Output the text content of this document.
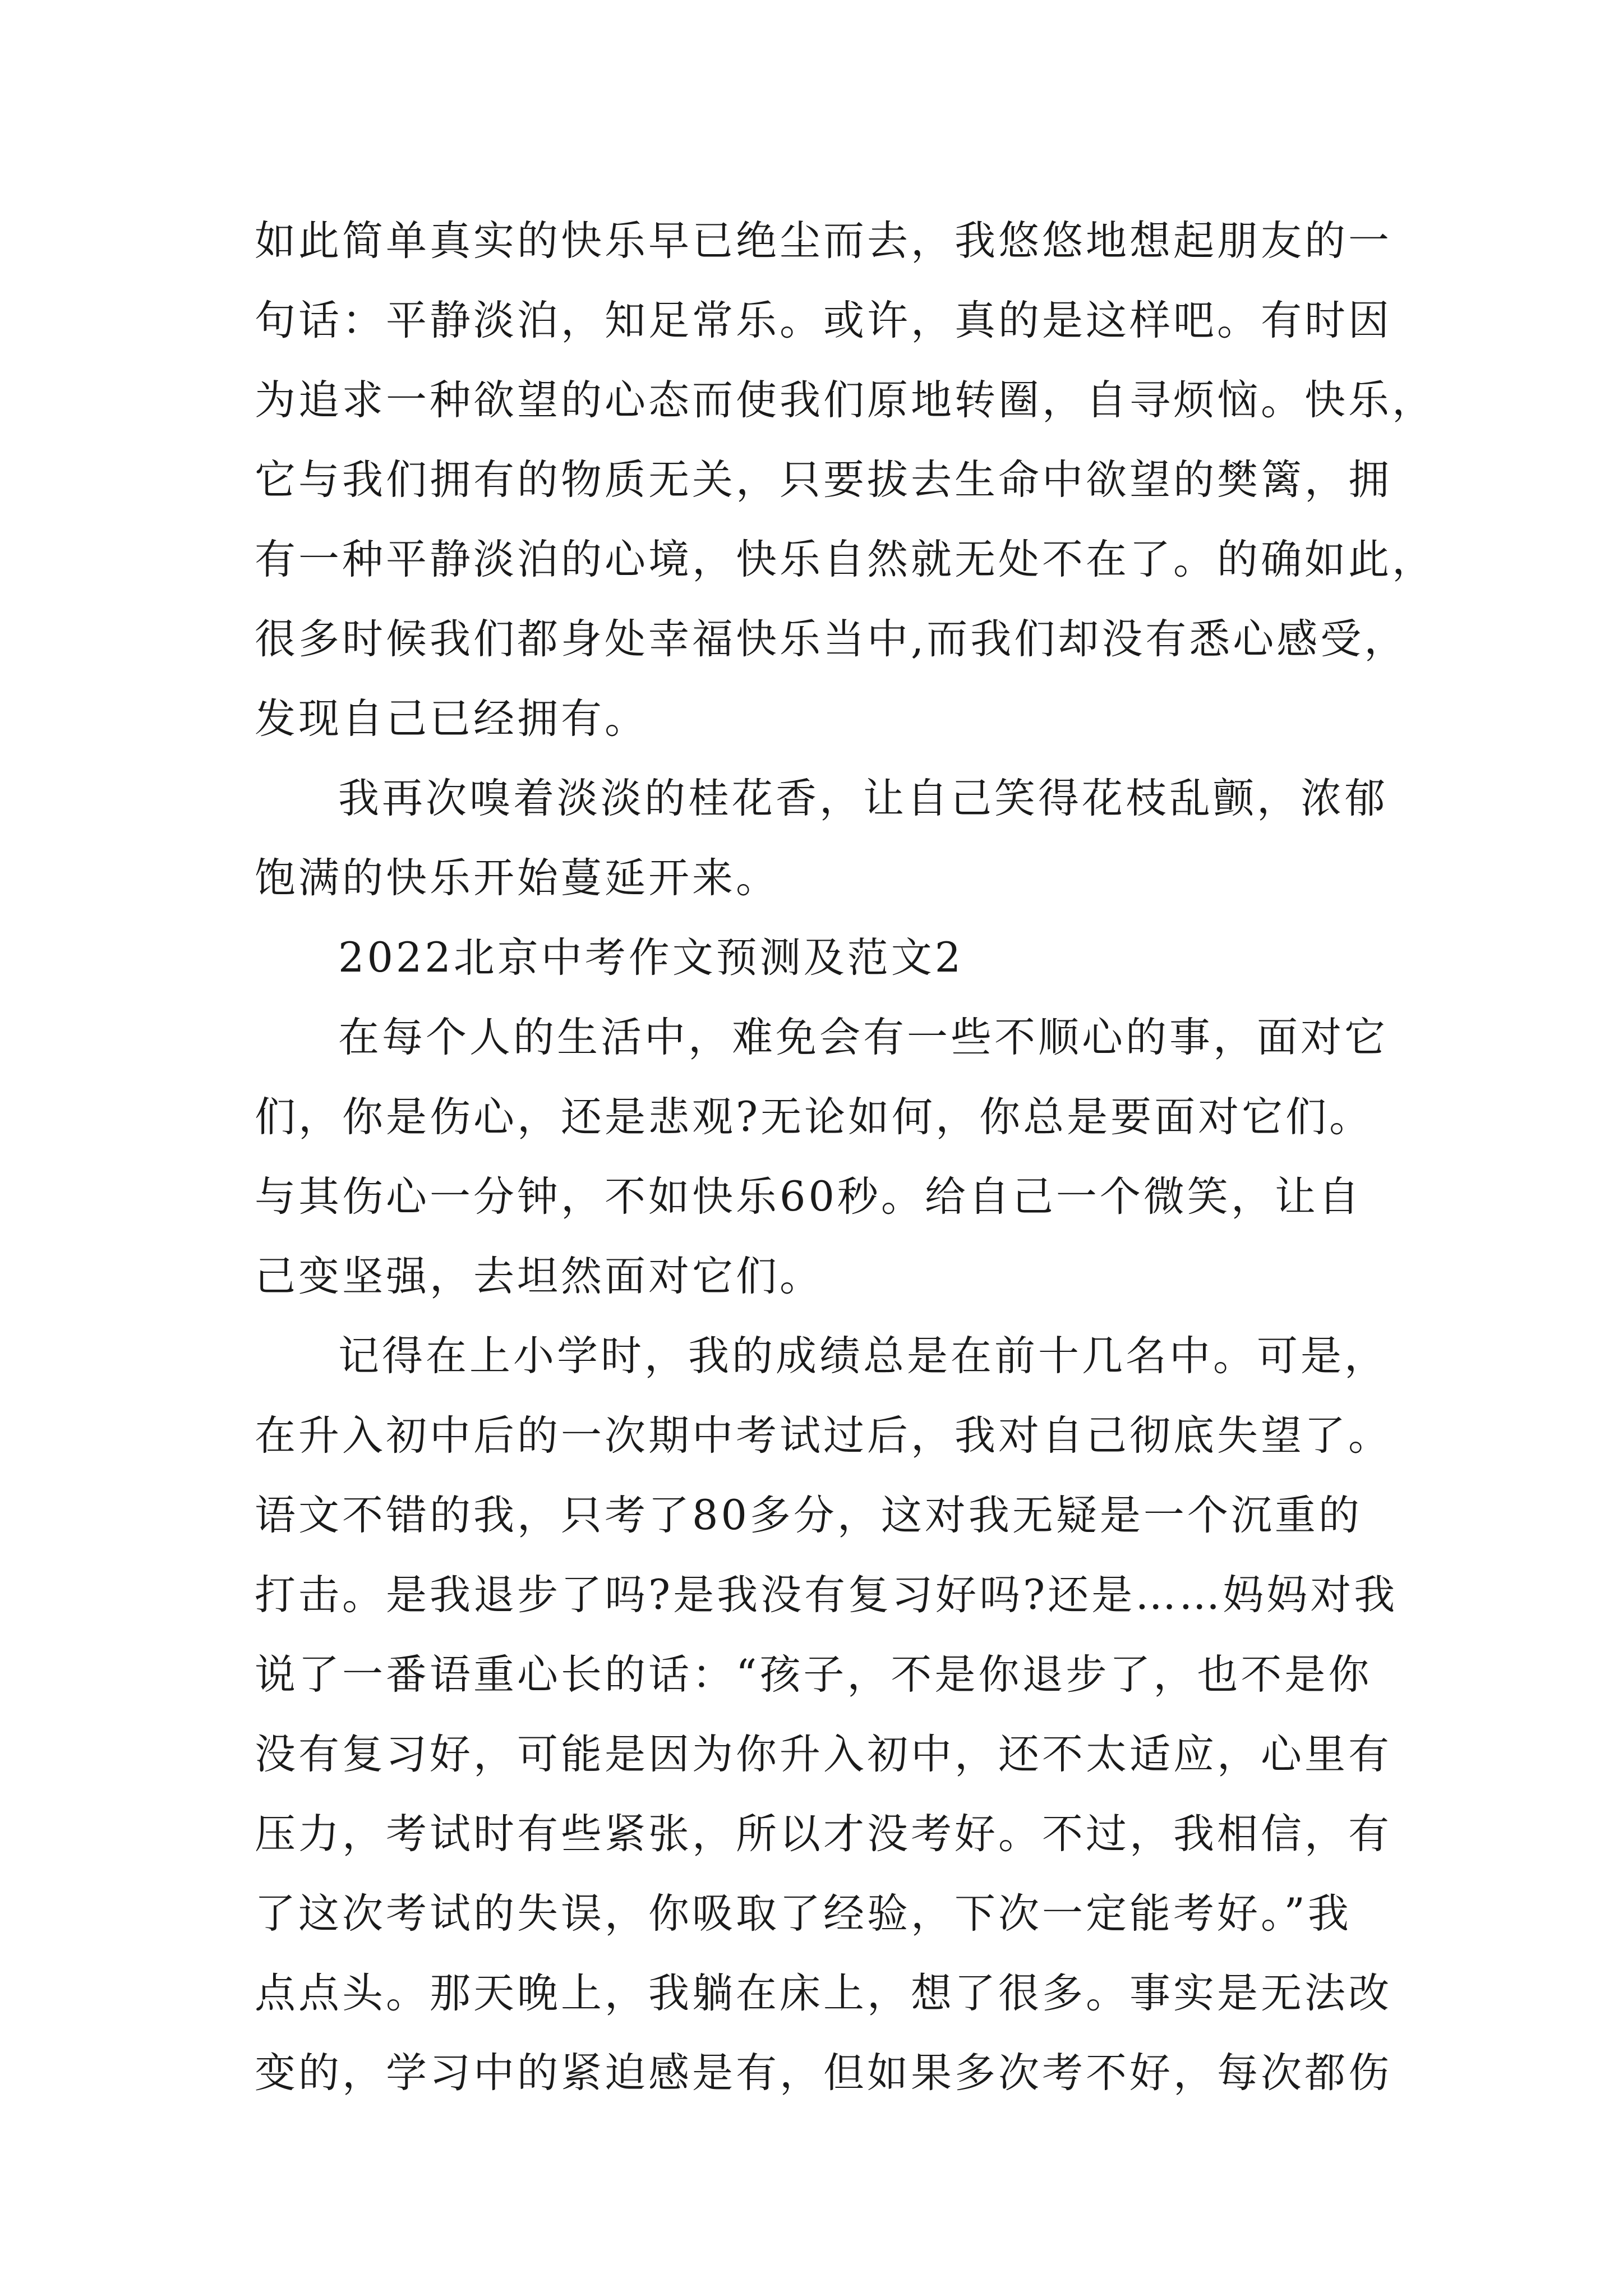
如此简单真实的快乐早已绝尘而去，我悠悠地想起朋友的一

句话：平静淡泊，知足常乐。或许，真的是这样吧。有时因

为追求一种欲望的心态而使我们原地转圈，自寻烦恼。快乐，

它与我们拥有的物质无关，只要拔去生命中欲望的樊篱，拥

有一种平静淡泊的心境，快乐自然就无处不在了。的确如此，

很多时候我们都身处幸福快乐当中,而我们却没有悉心感受，

发现自己已经拥有。

我再次嗅着淡淡的桂花香，让自己笑得花枝乱颤，浓郁

饱满的快乐开始蔓延开来。

2022北京中考作文预测及范文2

在每个人的生活中，难免会有一些不顺心的事，面对它

们，你是伤心，还是悲观?无论如何，你总是要面对它们。

与其伤心一分钟，不如快乐60秒。给自己一个微笑，让自

己变坚强，去坦然面对它们。

记得在上小学时，我的成绩总是在前十几名中。可是，

在升入初中后的一次期中考试过后，我对自己彻底失望了。

语文不错的我，只考了80多分，这对我无疑是一个沉重的

打击。是我退步了吗?是我没有复习好吗?还是……妈妈对我

说了一番语重心长的话：“孩子，不是你退步了，也不是你

没有复习好，可能是因为你升入初中，还不太适应，心里有

压力，考试时有些紧张，所以才没考好。不过，我相信，有

了这次考试的失误，你吸取了经验，下次一定能考好。”我

点点头。那天晚上，我躺在床上，想了很多。事实是无法改

变的，学习中的紧迫感是有，但如果多次考不好，每次都伤
